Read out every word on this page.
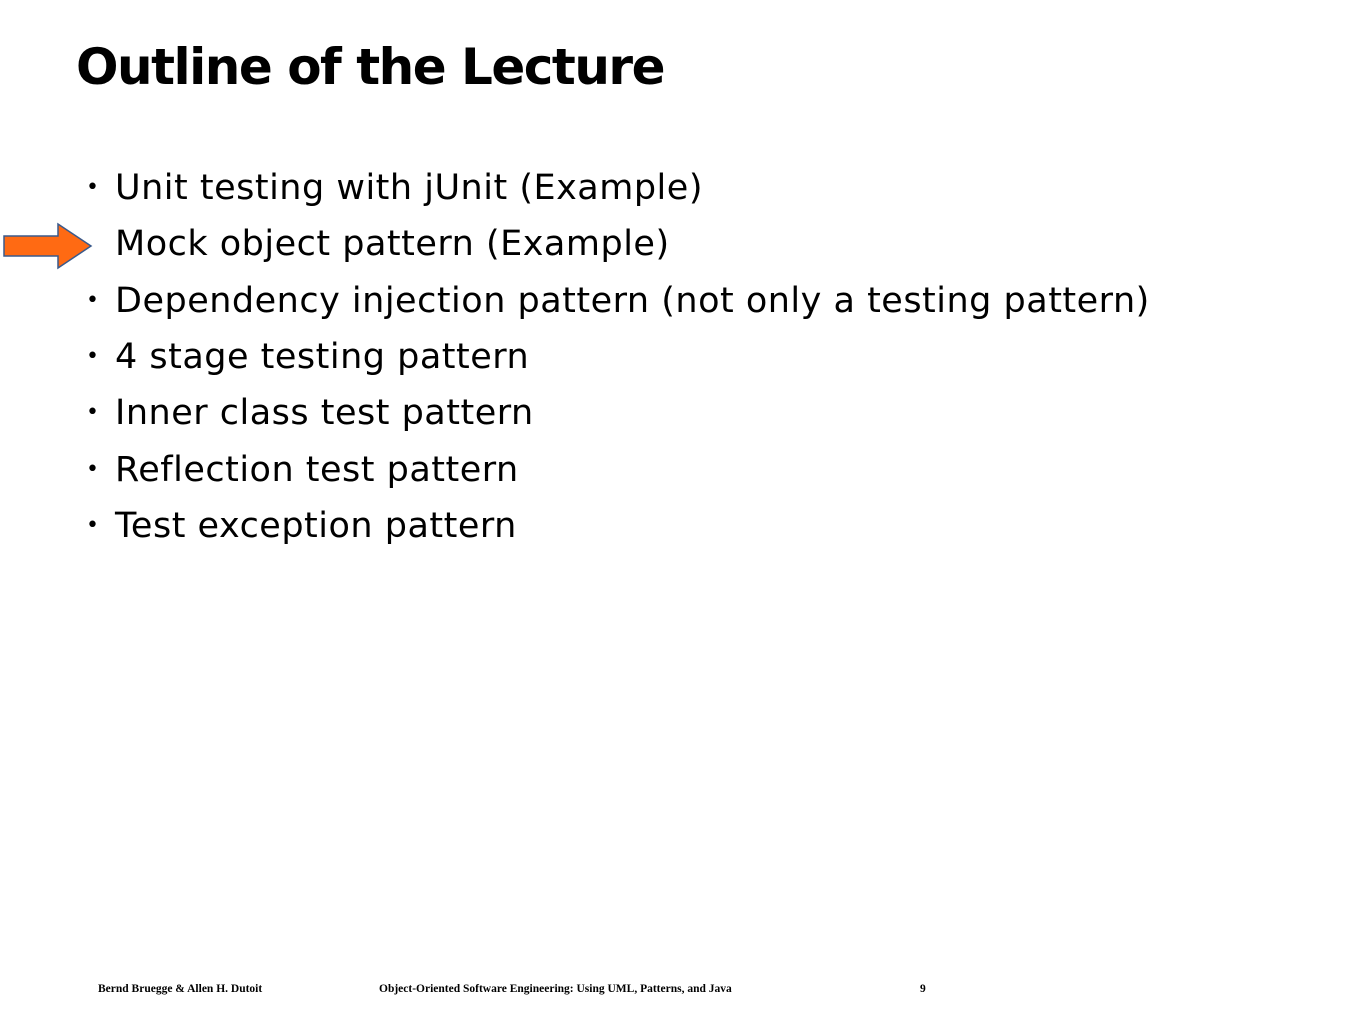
Outline of the Lecture
• Unit testing with jUnit (Example)
Mock object pattern (Example)
• Dependency injection pattern (not only a testing pattern)
• 4 stage testing pattern
• Inner class test pattern
• Reflection test pattern
• Test exception pattern
Bernd Bruegge & Allen H. Dutoit	Object-Oriented Software Engineering: Using UML, Patterns, and Java	9
